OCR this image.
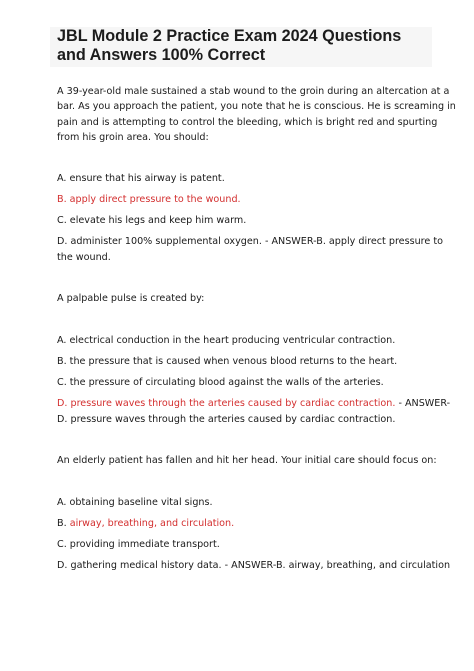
JBL Module 2 Practice Exam 2024 Questions
and Answers 100% Correct

A 39-year-old male sustained a stab wound to the groin during an altercation at a

bar. As you approach the patient, you note that he is conscious. He is screaming in

pain and is attempting to control the bleeding, which is bright red and spurting

from his groin area. You should:

A. ensure that his airway is patent.

B. apply direct pressure to the wound.

C. elevate his legs and keep him warm.

D. administer 100% supplemental oxygen. - ANSWER-B. apply direct pressure to

the wound.

A palpable pulse is created by:

A. electrical conduction in the heart producing ventricular contraction.

B. the pressure that is caused when venous blood returns to the heart.

C. the pressure of circulating blood against the walls of the arteries.

D. pressure waves through the arteries caused by cardiac contraction. - ANSWER-

D. pressure waves through the arteries caused by cardiac contraction.

An elderly patient has fallen and hit her head. Your initial care should focus on:

A. obtaining baseline vital signs.

B. airway, breathing, and circulation.

C. providing immediate transport.

D. gathering medical history data. - ANSWER-B. airway, breathing, and circulation
